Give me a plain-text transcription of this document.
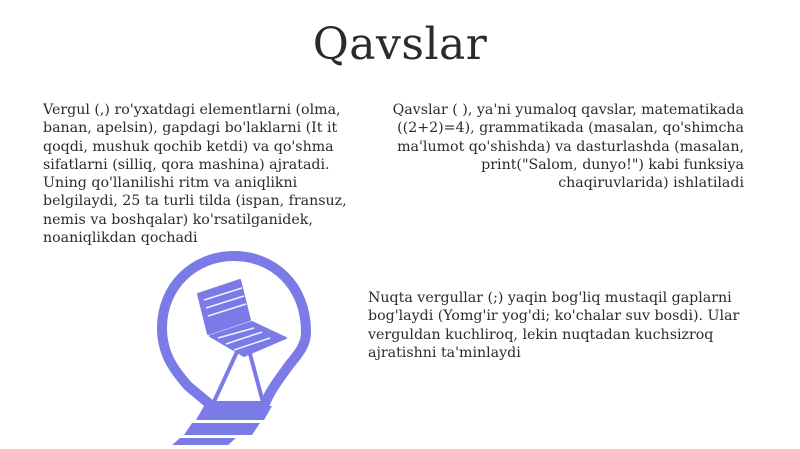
Qavslar
Vergul (,) ro'yxatdagi elementlarni (olma, banan, apelsin), gapdagi bo'laklarni (It it qoqdi, mushuk qochib ketdi) va qo'shma sifatlarni (silliq, qora mashina) ajratadi. Uning qo'llanilishi ritm va aniqlikni belgilaydi, 25 ta turli tilda (ispan, fransuz, nemis va boshqalar) ko'rsatilganidek, noaniqlikdan qochadi
Qavslar ( ), ya'ni yumaloq qavslar, matematikada ((2+2)=4), grammatikada (masalan, qo'shimcha ma'lumot qo'shishda) va dasturlashda (masalan, print("Salom, dunyo!") kabi funksiya chaqiruvlarida) ishlatiladi
Nuqta vergullar (;) yaqin bog'liq mustaqil gaplarni bog'laydi (Yomg'ir yog'di; ko'chalar suv bosdi). Ular verguldan kuchliroq, lekin nuqtadan kuchsizroq ajratishni ta'minlaydi
